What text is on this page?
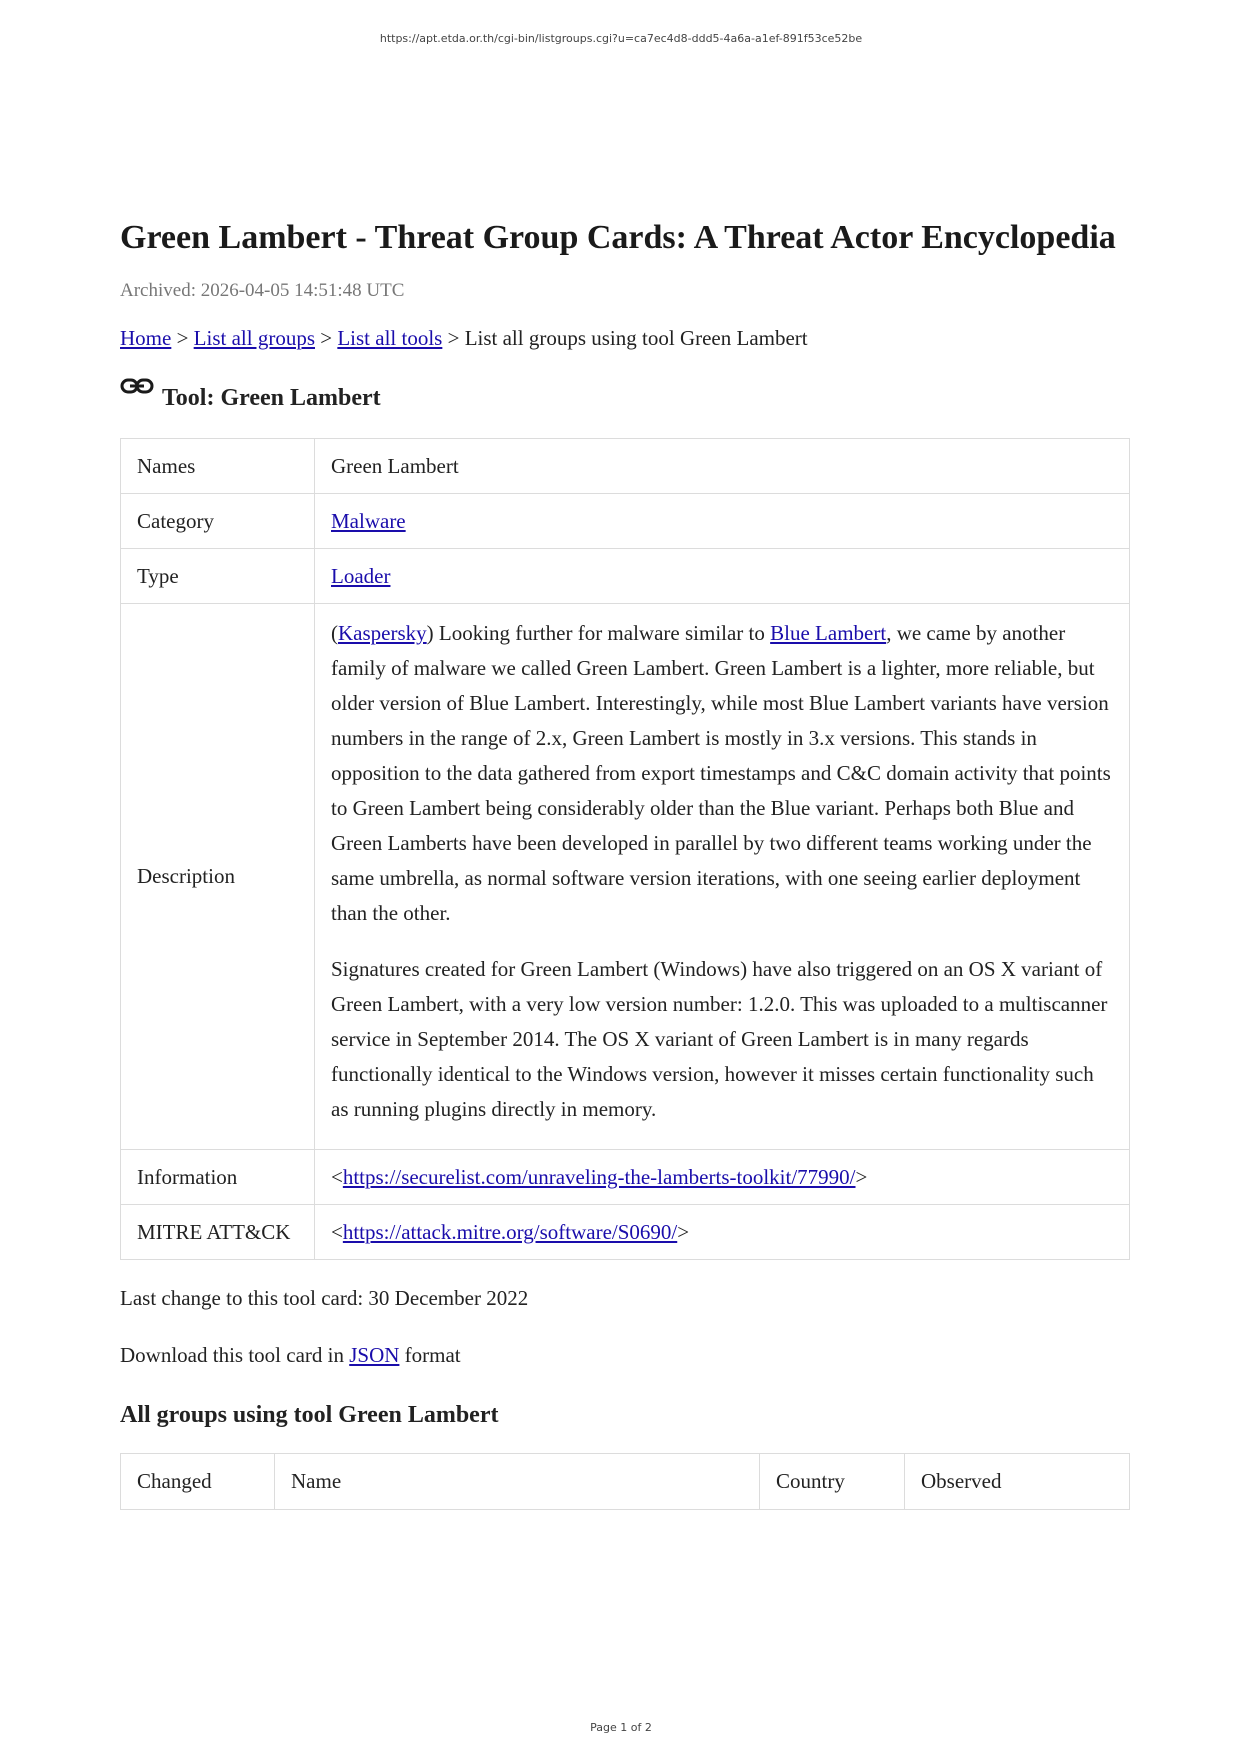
https://apt.etda.or.th/cgi-bin/listgroups.cgi?u=ca7ec4d8-ddd5-4a6a-a1ef-891f53ce52be
Green Lambert - Threat Group Cards: A Threat Actor Encyclopedia
Archived: 2026-04-05 14:51:48 UTC
Home > List all groups > List all tools > List all groups using tool Green Lambert
Tool: Green Lambert
Names	Green Lambert
Category	Malware
Type	Loader
Description	(Kaspersky) Looking further for malware similar to Blue Lambert, we came by another family of malware we called Green Lambert. Green Lambert is a lighter, more reliable, but older version of Blue Lambert. Interestingly, while most Blue Lambert variants have version numbers in the range of 2.x, Green Lambert is mostly in 3.x versions. This stands in opposition to the data gathered from export timestamps and C&C domain activity that points to Green Lambert being considerably older than the Blue variant. Perhaps both Blue and Green Lamberts have been developed in parallel by two different teams working under the same umbrella, as normal software version iterations, with one seeing earlier deployment than the other.

Signatures created for Green Lambert (Windows) have also triggered on an OS X variant of Green Lambert, with a very low version number: 1.2.0. This was uploaded to a multiscanner service in September 2014. The OS X variant of Green Lambert is in many regards functionally identical to the Windows version, however it misses certain functionality such as running plugins directly in memory.

Information	<https://securelist.com/unraveling-the-lamberts-toolkit/77990/>
MITRE ATT&CK	<https://attack.mitre.org/software/S0690/>
Last change to this tool card: 30 December 2022
Download this tool card in JSON format
All groups using tool Green Lambert
Changed	Name	Country	Observed
Page 1 of 2
